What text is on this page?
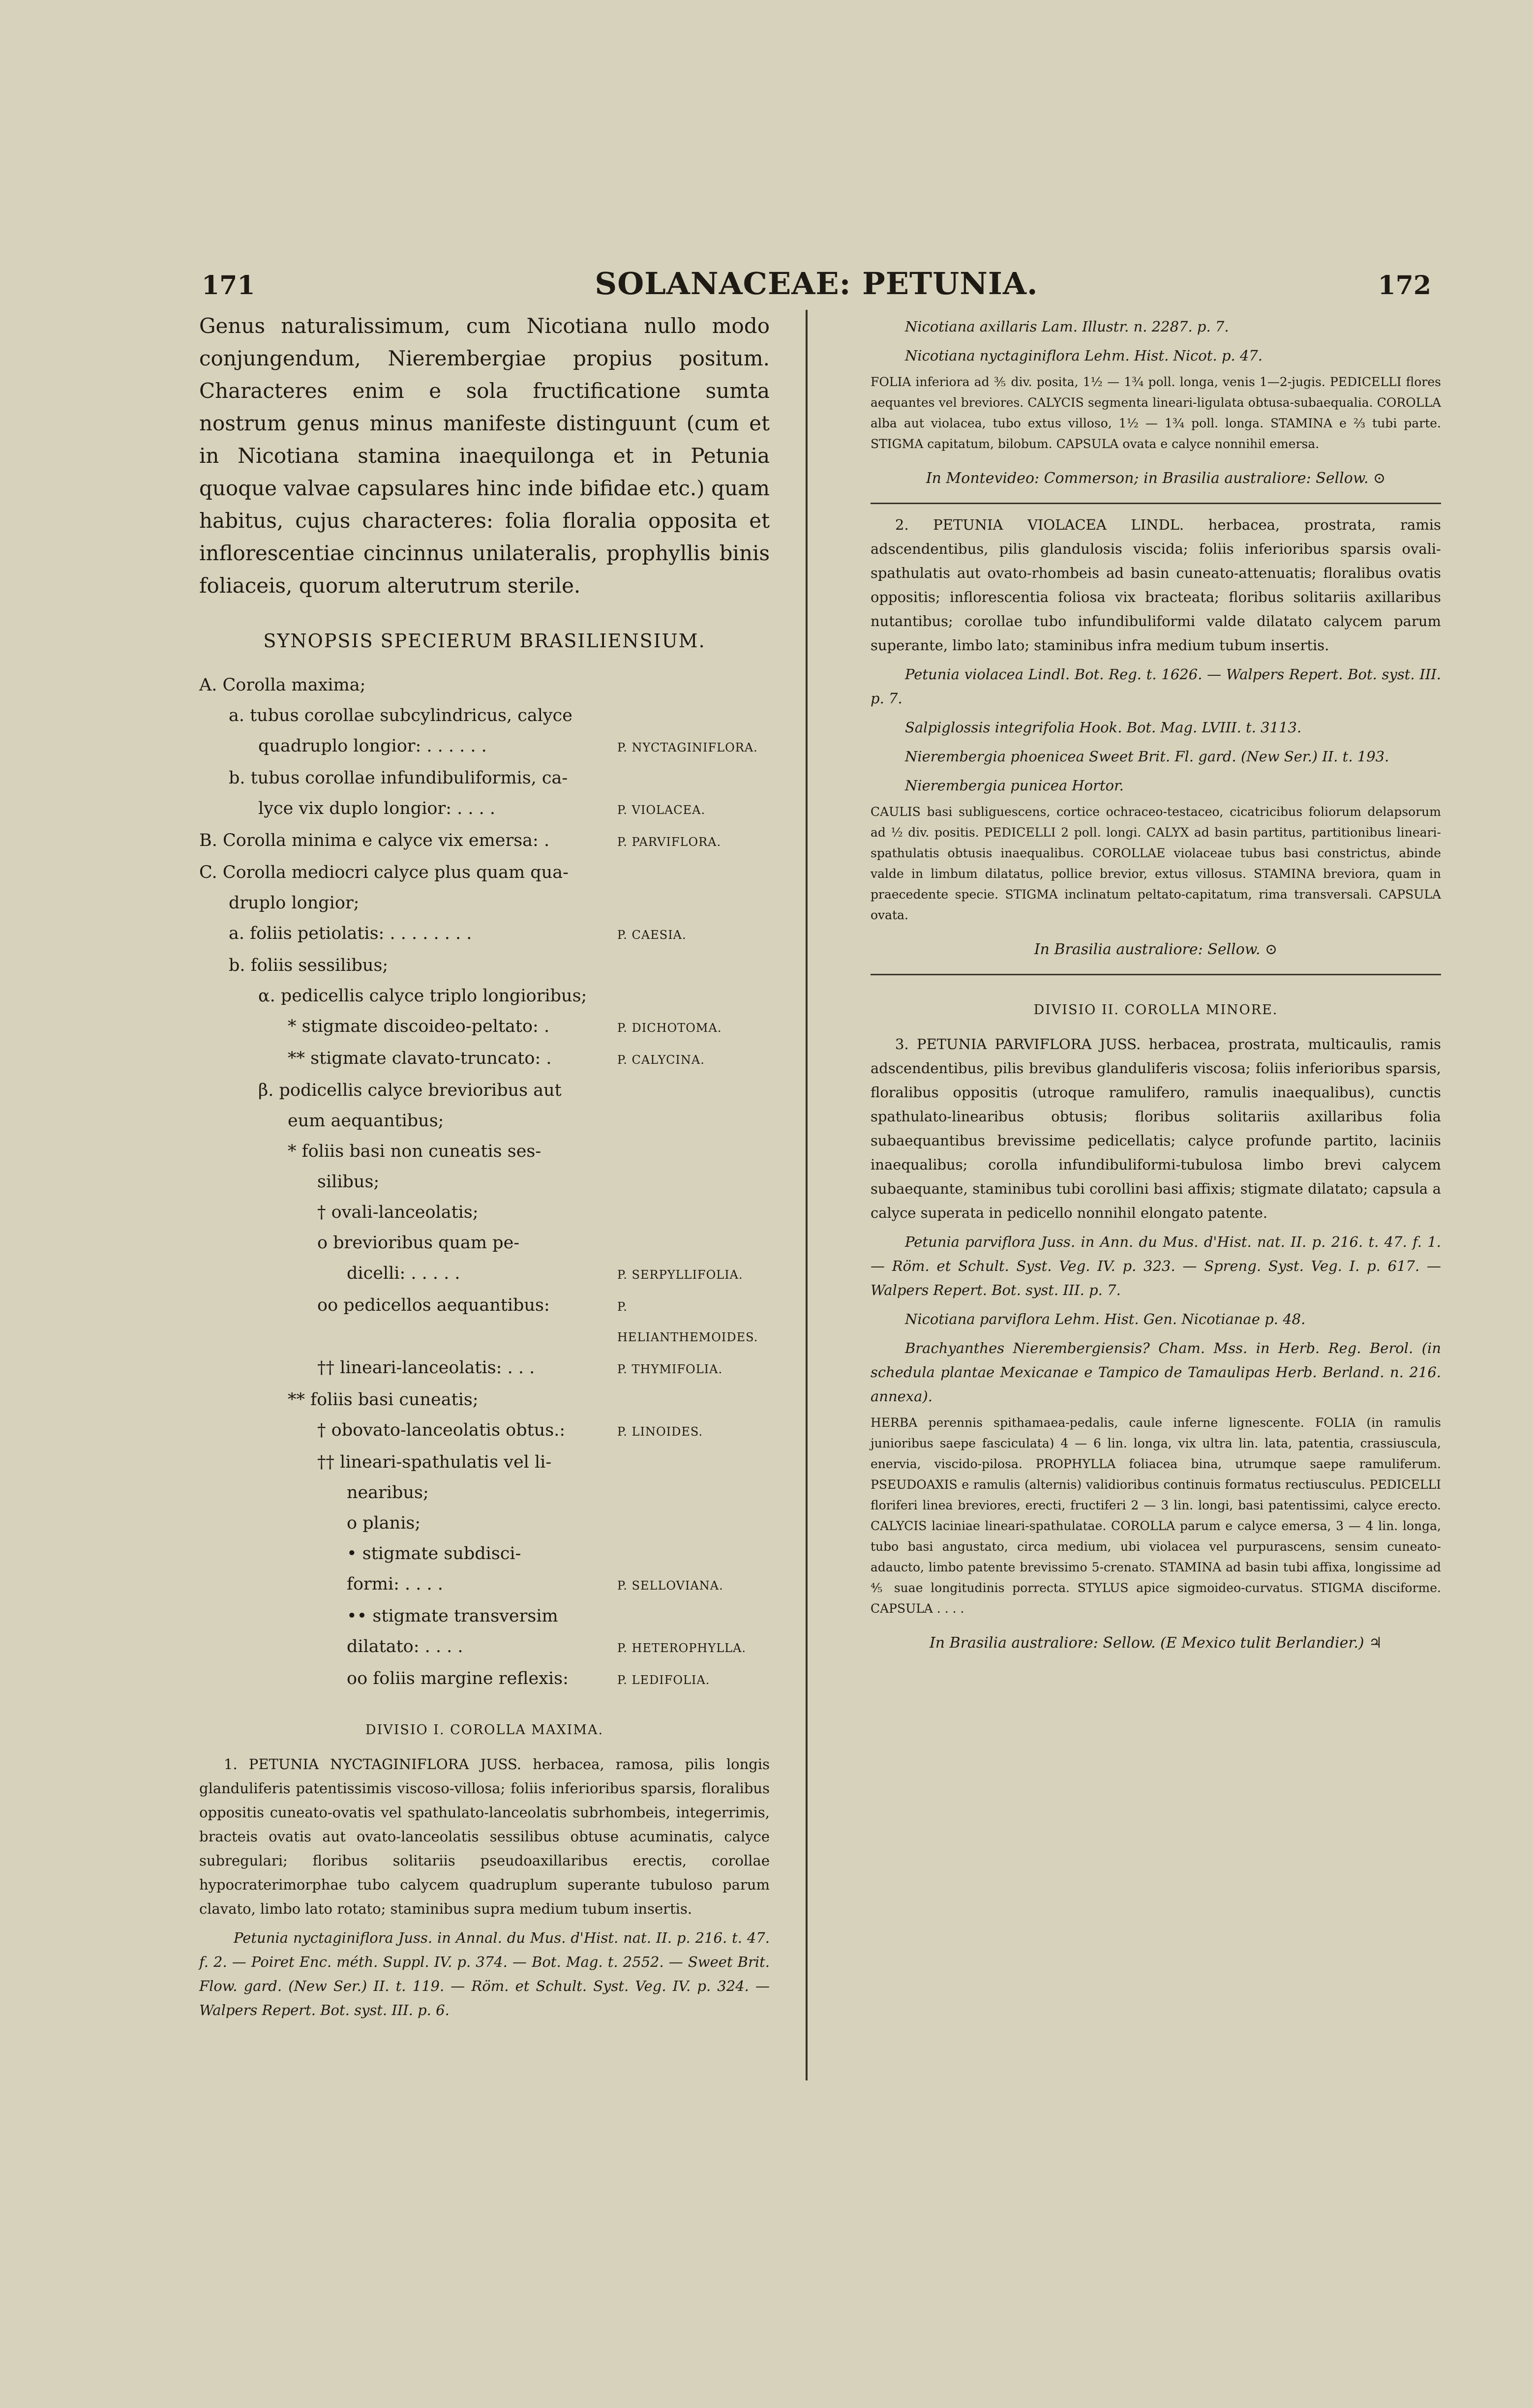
171	SOLANACEAE: PETUNIA.	172

Genus naturalissimum, cum Nicotiana nullo modo conjungendum, Nierembergiae propius positum. Characteres enim e sola fructificatione sumta nostrum genus minus manifeste distinguunt (cum et in Nicotiana stamina inaequilonga et in Petunia quoque valvae capsulares hinc inde bifidae etc.) quam habitus, cujus characteres: folia floralia opposita et inflorescentiae cincinnus unilateralis, prophyllis binis foliaceis, quorum alterutrum sterile.

SYNOPSIS SPECIERUM BRASILIENSIUM.
A. Corolla maxima;
a. tubus corollae subcylindricus, calyce
quadruplo longior: . . . . . .	P. NYCTAGINIFLORA.
b. tubus corollae infundibuliformis, ca-
lyce vix duplo longior: . . . .	P. VIOLACEA.
B. Corolla minima e calyce vix emersa: .	P. PARVIFLORA.
C. Corolla mediocri calyce plus quam qua-
druplo longior;
a. foliis petiolatis: . . . . . . . .	P. CAESIA.
b. foliis sessilibus;
α. pedicellis calyce triplo longioribus;
* stigmate discoideo-peltato: .	P. DICHOTOMA.
** stigmate clavato-truncato: .	P. CALYCINA.
β. podicellis calyce brevioribus aut
eum aequantibus;
* foliis basi non cuneatis ses-
silibus;
† ovali-lanceolatis;
o brevioribus quam pe-
dicelli: . . . . .	P. SERPYLLIFOLIA.
oo pedicellos aequantibus:	P. HELIANTHEMOIDES.
†† lineari-lanceolatis: . . .	P. THYMIFOLIA.
** foliis basi cuneatis;
† obovato-lanceolatis obtus.:	P. LINOIDES.
†† lineari-spathulatis vel li-
nearibus;
o planis;
• stigmate subdisci-
formi: . . . .	P. SELLOVIANA.
•• stigmate transversim
dilatato: . . . .	P. HETEROPHYLLA.
oo foliis margine reflexis:	P. LEDIFOLIA.
DIVISIO I. COROLLA MAXIMA.

1. PETUNIA NYCTAGINIFLORA JUSS. herbacea, ramosa, pilis longis glanduliferis patentissimis viscoso-villosa; foliis inferioribus sparsis, floralibus oppositis cuneato-ovatis vel spathulato-lanceolatis subrhombeis, integerrimis, bracteis ovatis aut ovato-lanceolatis sessilibus obtuse acuminatis, calyce subregulari; floribus solitariis pseudoaxillaribus erectis, corollae hypocraterimorphae tubo calycem quadruplum superante tubuloso parum clavato, limbo lato rotato; staminibus supra medium tubum insertis.

Petunia nyctaginiflora Juss. in Annal. du Mus. d'Hist. nat. II. p. 216. t. 47. f. 2. — Poiret Enc. méth. Suppl. IV. p. 374. — Bot. Mag. t. 2552. — Sweet Brit. Flow. gard. (New Ser.) II. t. 119. — Röm. et Schult. Syst. Veg. IV. p. 324. — Walpers Repert. Bot. syst. III. p. 6.

Nicotiana axillaris Lam. Illustr. n. 2287. p. 7.

Nicotiana nyctaginiflora Lehm. Hist. Nicot. p. 47.

FOLIA inferiora ad ⅗ div. posita, 1½ — 1¾ poll. longa, venis 1—2-jugis. PEDICELLI flores aequantes vel breviores. CALYCIS segmenta lineari-ligulata obtusa-subaequalia. COROLLA alba aut violacea, tubo extus villoso, 1½ — 1¾ poll. longa. STAMINA e ⅔ tubi parte. STIGMA capitatum, bilobum. CAPSULA ovata e calyce nonnihil emersa.

In Montevideo: Commerson; in Brasilia australiore: Sellow. ⊙

2. PETUNIA VIOLACEA LINDL. herbacea, prostrata, ramis adscendentibus, pilis glandulosis viscida; foliis inferioribus sparsis ovali-spathulatis aut ovato-rhombeis ad basin cuneato-attenuatis; floralibus ovatis oppositis; inflorescentia foliosa vix bracteata; floribus solitariis axillaribus nutantibus; corollae tubo infundibuliformi valde dilatato calycem parum superante, limbo lato; staminibus infra medium tubum insertis.

Petunia violacea Lindl. Bot. Reg. t. 1626. — Walpers Repert. Bot. syst. III. p. 7.

Salpiglossis integrifolia Hook. Bot. Mag. LVIII. t. 3113.

Nierembergia phoenicea Sweet Brit. Fl. gard. (New Ser.) II. t. 193.

Nierembergia punicea Hortor.

CAULIS basi subliguescens, cortice ochraceo-testaceo, cicatricibus foliorum delapsorum ad ½ div. positis. PEDICELLI 2 poll. longi. CALYX ad basin partitus, partitionibus lineari-spathulatis obtusis inaequalibus. COROLLAE violaceae tubus basi constrictus, abinde valde in limbum dilatatus, pollice brevior, extus villosus. STAMINA breviora, quam in praecedente specie. STIGMA inclinatum peltato-capitatum, rima transversali. CAPSULA ovata.

In Brasilia australiore: Sellow. ⊙
DIVISIO II. COROLLA MINORE.

3. PETUNIA PARVIFLORA JUSS. herbacea, prostrata, multicaulis, ramis adscendentibus, pilis brevibus glanduliferis viscosa; foliis inferioribus sparsis, floralibus oppositis (utroque ramulifero, ramulis inaequalibus), cunctis spathulato-linearibus obtusis; floribus solitariis axillaribus folia subaequantibus brevissime pedicellatis; calyce profunde partito, laciniis inaequalibus; corolla infundibuliformi-tubulosa limbo brevi calycem subaequante, staminibus tubi corollini basi affixis; stigmate dilatato; capsula a calyce superata in pedicello nonnihil elongato patente.

Petunia parviflora Juss. in Ann. du Mus. d'Hist. nat. II. p. 216. t. 47. f. 1. — Röm. et Schult. Syst. Veg. IV. p. 323. — Spreng. Syst. Veg. I. p. 617. — Walpers Repert. Bot. syst. III. p. 7.

Nicotiana parviflora Lehm. Hist. Gen. Nicotianae p. 48.

Brachyanthes Nierembergiensis? Cham. Mss. in Herb. Reg. Berol. (in schedula plantae Mexicanae e Tampico de Tamaulipas Herb. Berland. n. 216. annexa).

HERBA perennis spithamaea-pedalis, caule inferne lignescente. FOLIA (in ramulis junioribus saepe fasciculata) 4 — 6 lin. longa, vix ultra lin. lata, patentia, crassiuscula, enervia, viscido-pilosa. PROPHYLLA foliacea bina, utrumque saepe ramuliferum. PSEUDOAXIS e ramulis (alternis) validioribus continuis formatus rectiusculus. PEDICELLI floriferi linea breviores, erecti, fructiferi 2 — 3 lin. longi, basi patentissimi, calyce erecto. CALYCIS laciniae lineari-spathulatae. COROLLA parum e calyce emersa, 3 — 4 lin. longa, tubo basi angustato, circa medium, ubi violacea vel purpurascens, sensim cuneato-adaucto, limbo patente brevissimo 5-crenato. STAMINA ad basin tubi affixa, longissime ad ⅘ suae longitudinis porrecta. STYLUS apice sigmoideo-curvatus. STIGMA disciforme. CAPSULA . . . .

In Brasilia australiore: Sellow. (E Mexico tulit Berlandier.) ♃
